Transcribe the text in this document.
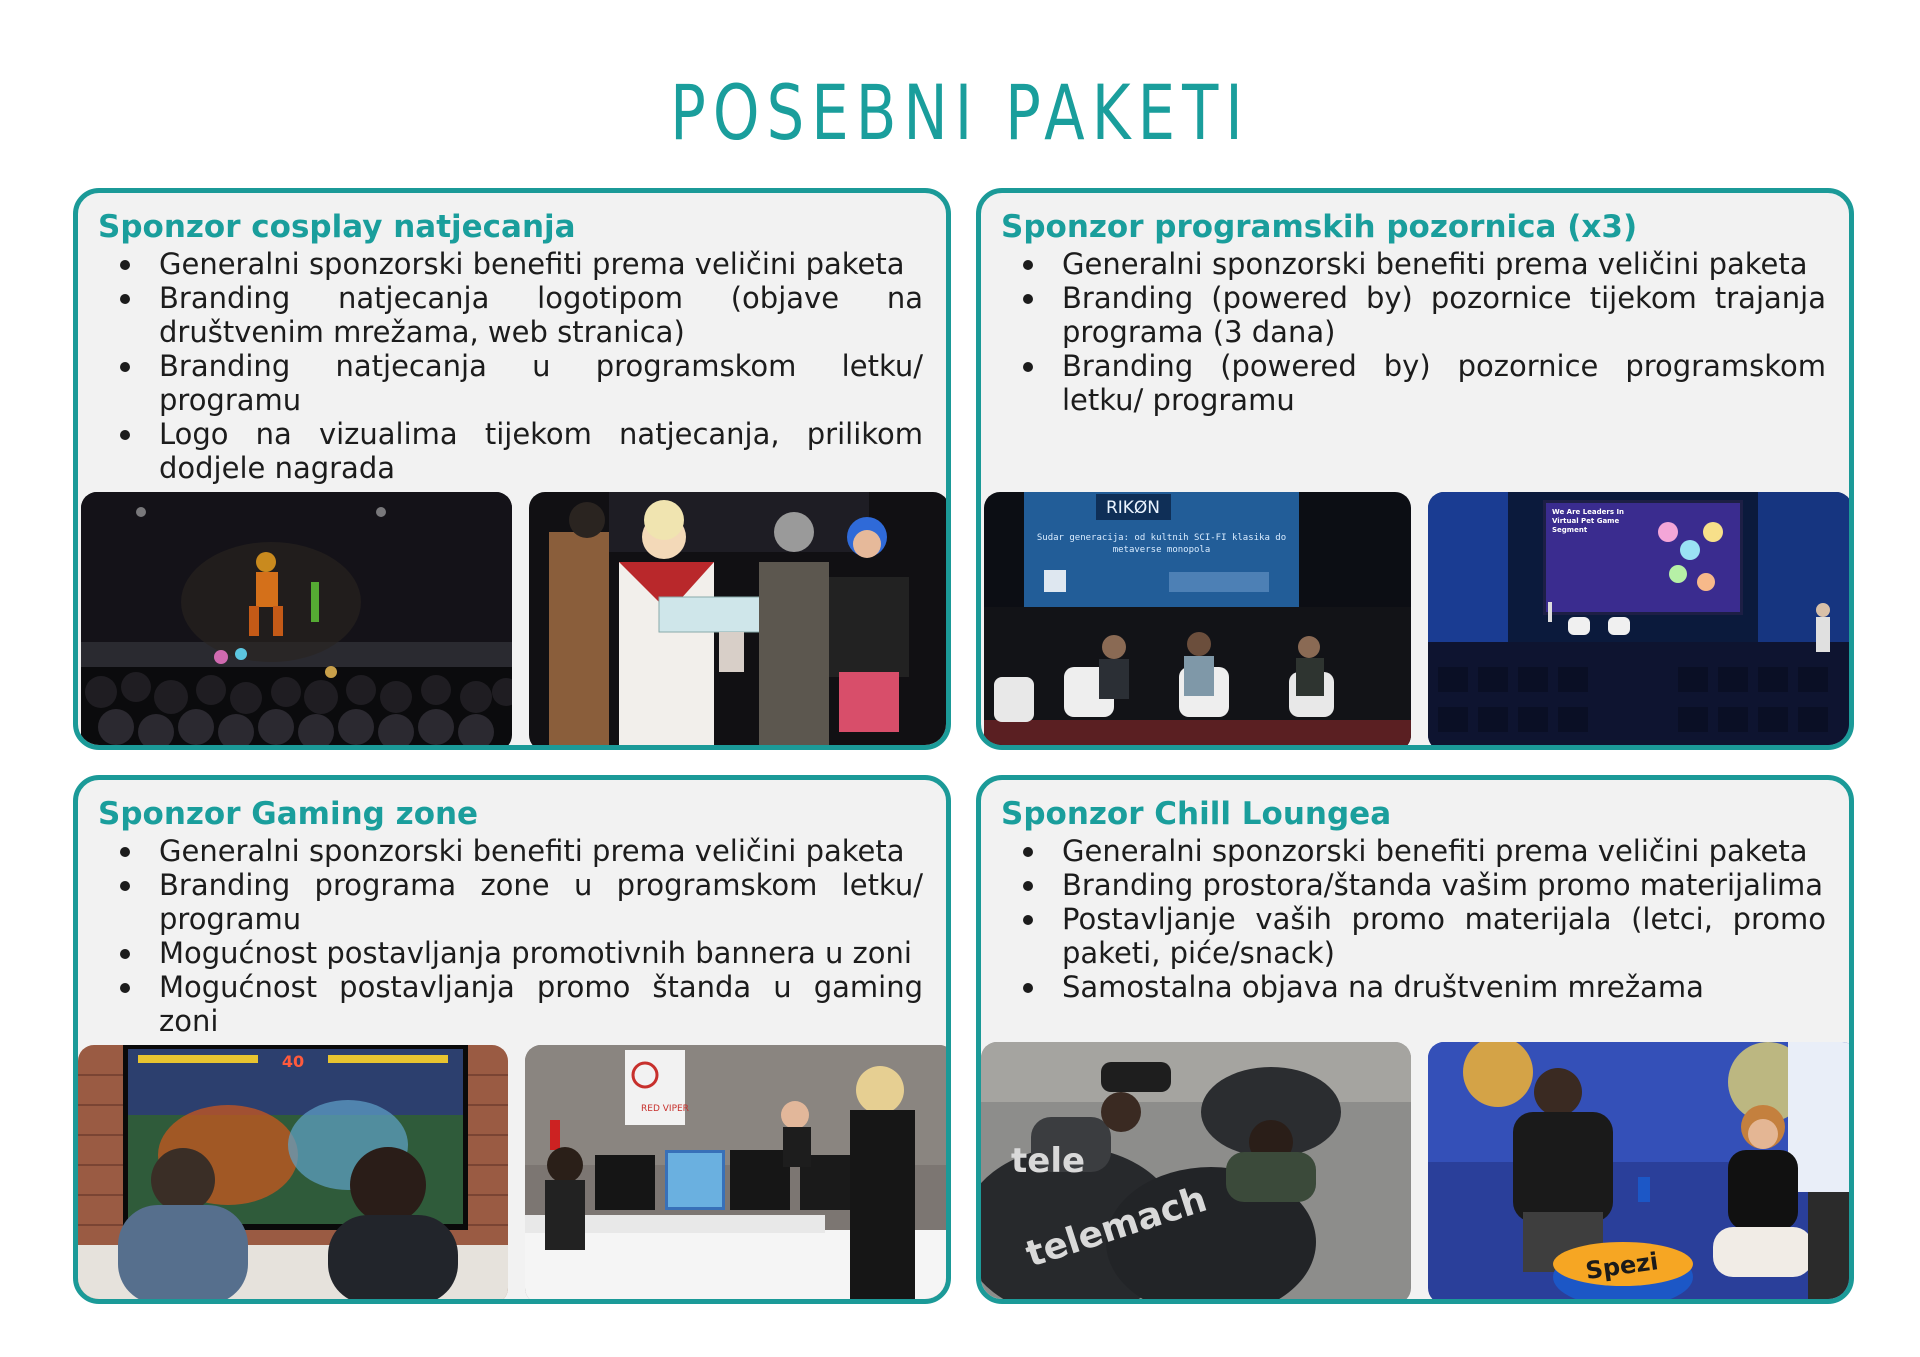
POSEBNI PAKETI
Sponzor cosplay natjecanja
Generalni sponzorski benefiti prema veličini paketa
Branding natjecanja logotipom (objave na društvenim mrežama, web stranica)
Branding natjecanja u programskom letku/ programu
Logo na vizualima tijekom natjecanja, prilikom dodjele nagrada
Sponzor programskih pozornica (x3)
Generalni sponzorski benefiti prema veličini paketa
Branding (powered by) pozornice tijekom trajanja programa (3 dana)
Branding (powered by) pozornice programskom letku/ programu
RIKØN
Sudar generacija: od kultnih SCI-FI klasika do metaverse monopola
We Are Leaders In Virtual Pet Game Segment
Sponzor Gaming zone
Generalni sponzorski benefiti prema veličini paketa
Branding programa zone u programskom letku/ programu
Mogućnost postavljanja promotivnih bannera u zoni
Mogućnost postavljanja promo štanda u gaming zoni
40
RED VIPER
Sponzor Chill Loungea
Generalni sponzorski benefiti prema veličini paketa
Branding prostora/štanda vašim promo materijalima
Postavljanje vaših promo materijala (letci, promo paketi, piće/snack)
Samostalna objava na društvenim mrežama
tele
telemach	Spezi
